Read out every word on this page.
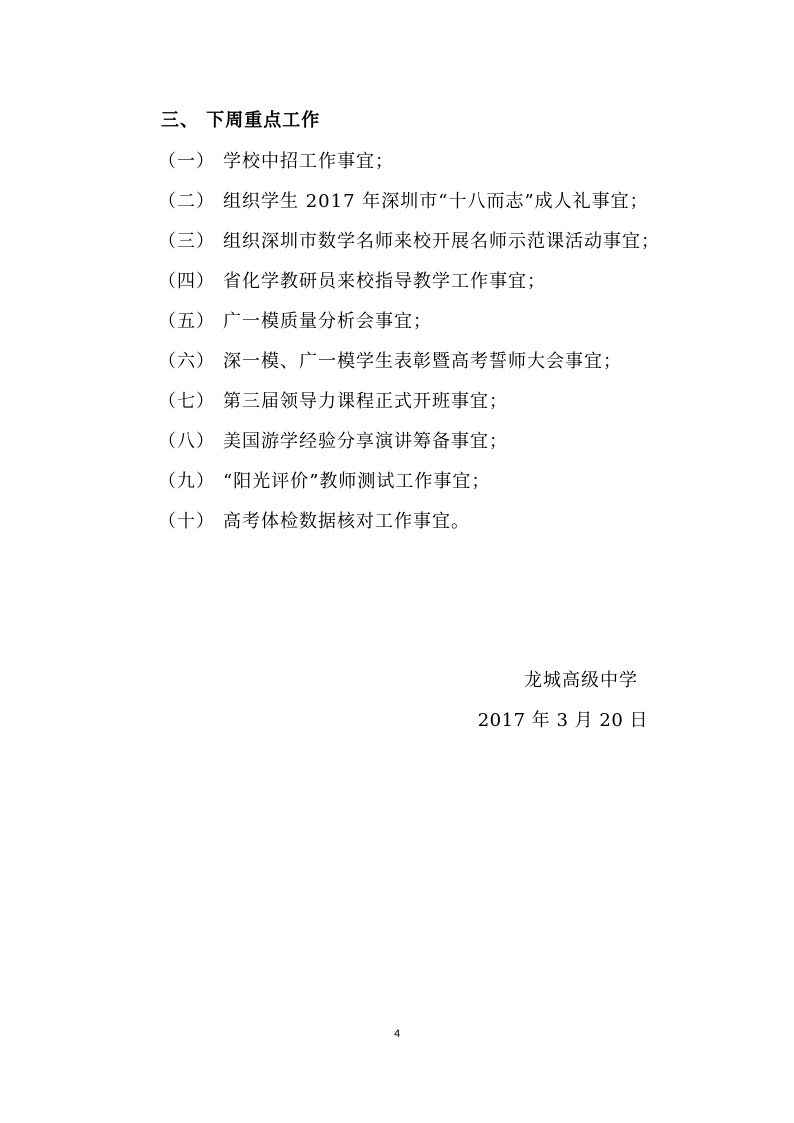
三、 下周重点工作
（一） 学校中招工作事宜；
（二） 组织学生 2017 年深圳市“十八而志”成人礼事宜；
（三） 组织深圳市数学名师来校开展名师示范课活动事宜；
（四） 省化学教研员来校指导教学工作事宜；
（五） 广一模质量分析会事宜；
（六） 深一模、广一模学生表彰暨高考誓师大会事宜；
（七） 第三届领导力课程正式开班事宜；
（八） 美国游学经验分享演讲筹备事宜；
（九） “阳光评价”教师测试工作事宜；
（十） 高考体检数据核对工作事宜。
龙城高级中学
2017 年 3 月 20 日
4
